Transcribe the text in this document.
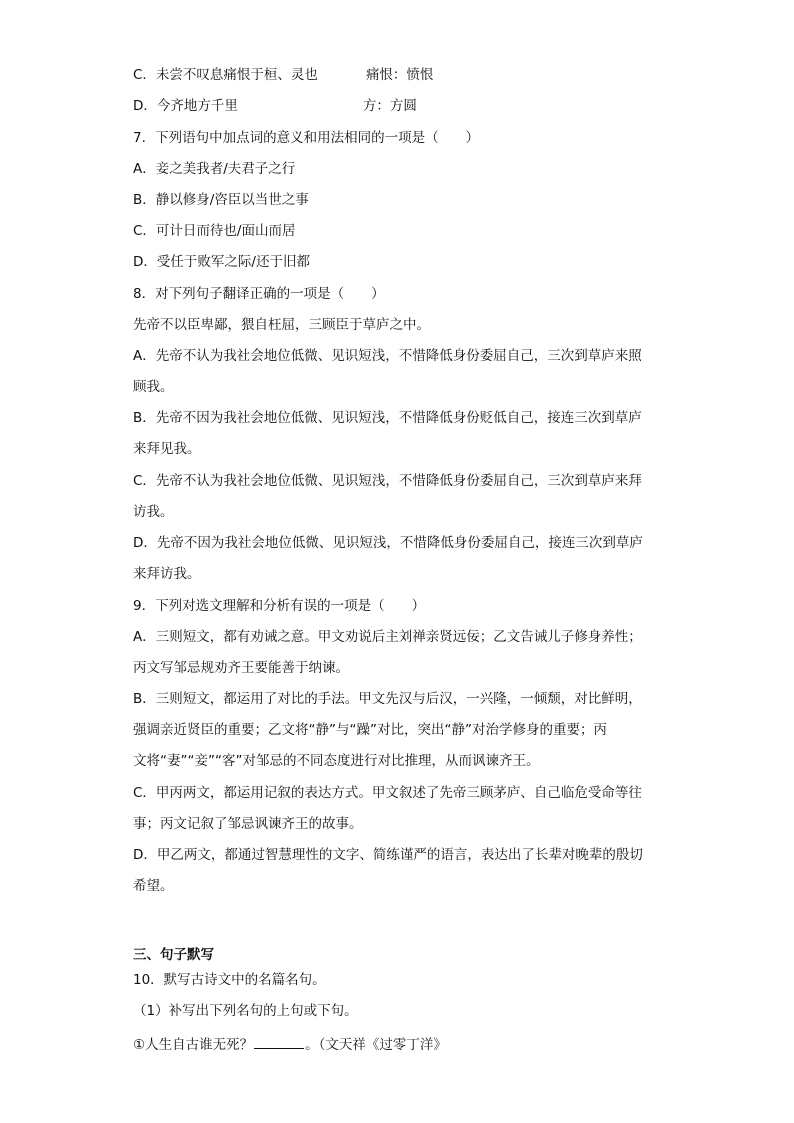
C．未尝不叹息痛恨于桓、灵也	痛恨：愤恨
D．今齐地方千里	方：方圆
7．下列语句中加点词的意义和用法相同的一项是（　　）
A．妾之美我者/夫君子之行
B．静以修身/咨臣以当世之事
C．可计日而待也/面山而居
D．受任于败军之际/还于旧都
8．对下列句子翻译正确的一项是（　　）
先帝不以臣卑鄙，猥自枉屈，三顾臣于草庐之中。
A．先帝不认为我社会地位低微、见识短浅，不惜降低身份委屈自己，三次到草庐来照
顾我。
B．先帝不因为我社会地位低微、见识短浅，不惜降低身份贬低自己，接连三次到草庐
来拜见我。
C．先帝不认为我社会地位低微、见识短浅，不惜降低身份委屈自己，三次到草庐来拜
访我。
D．先帝不因为我社会地位低微、见识短浅，不惜降低身份委屈自己，接连三次到草庐
来拜访我。
9．下列对选文理解和分析有误的一项是（　　）
A．三则短文，都有劝诫之意。甲文劝说后主刘禅亲贤远佞；乙文告诫儿子修身养性；
丙文写邹忌规劝齐王要能善于纳谏。
B．三则短文，都运用了对比的手法。甲文先汉与后汉，一兴隆，一倾颓，对比鲜明，
强调亲近贤臣的重要；乙文将“静”与“躁”对比，突出“静”对治学修身的重要；丙
文将“妻”“妾”“客”对邹忌的不同态度进行对比推理，从而讽谏齐王。
C．甲丙两文，都运用记叙的表达方式。甲文叙述了先帝三顾茅庐、自己临危受命等往
事；丙文记叙了邹忌讽谏齐王的故事。
D．甲乙两文，都通过智慧理性的文字、简练谨严的语言，表达出了长辈对晚辈的殷切
希望。
三、句子默写
10．默写古诗文中的名篇名句。
（1）补写出下列名句的上句或下句。
①人生自古谁无死？	。（文天祥《过零丁洋》
